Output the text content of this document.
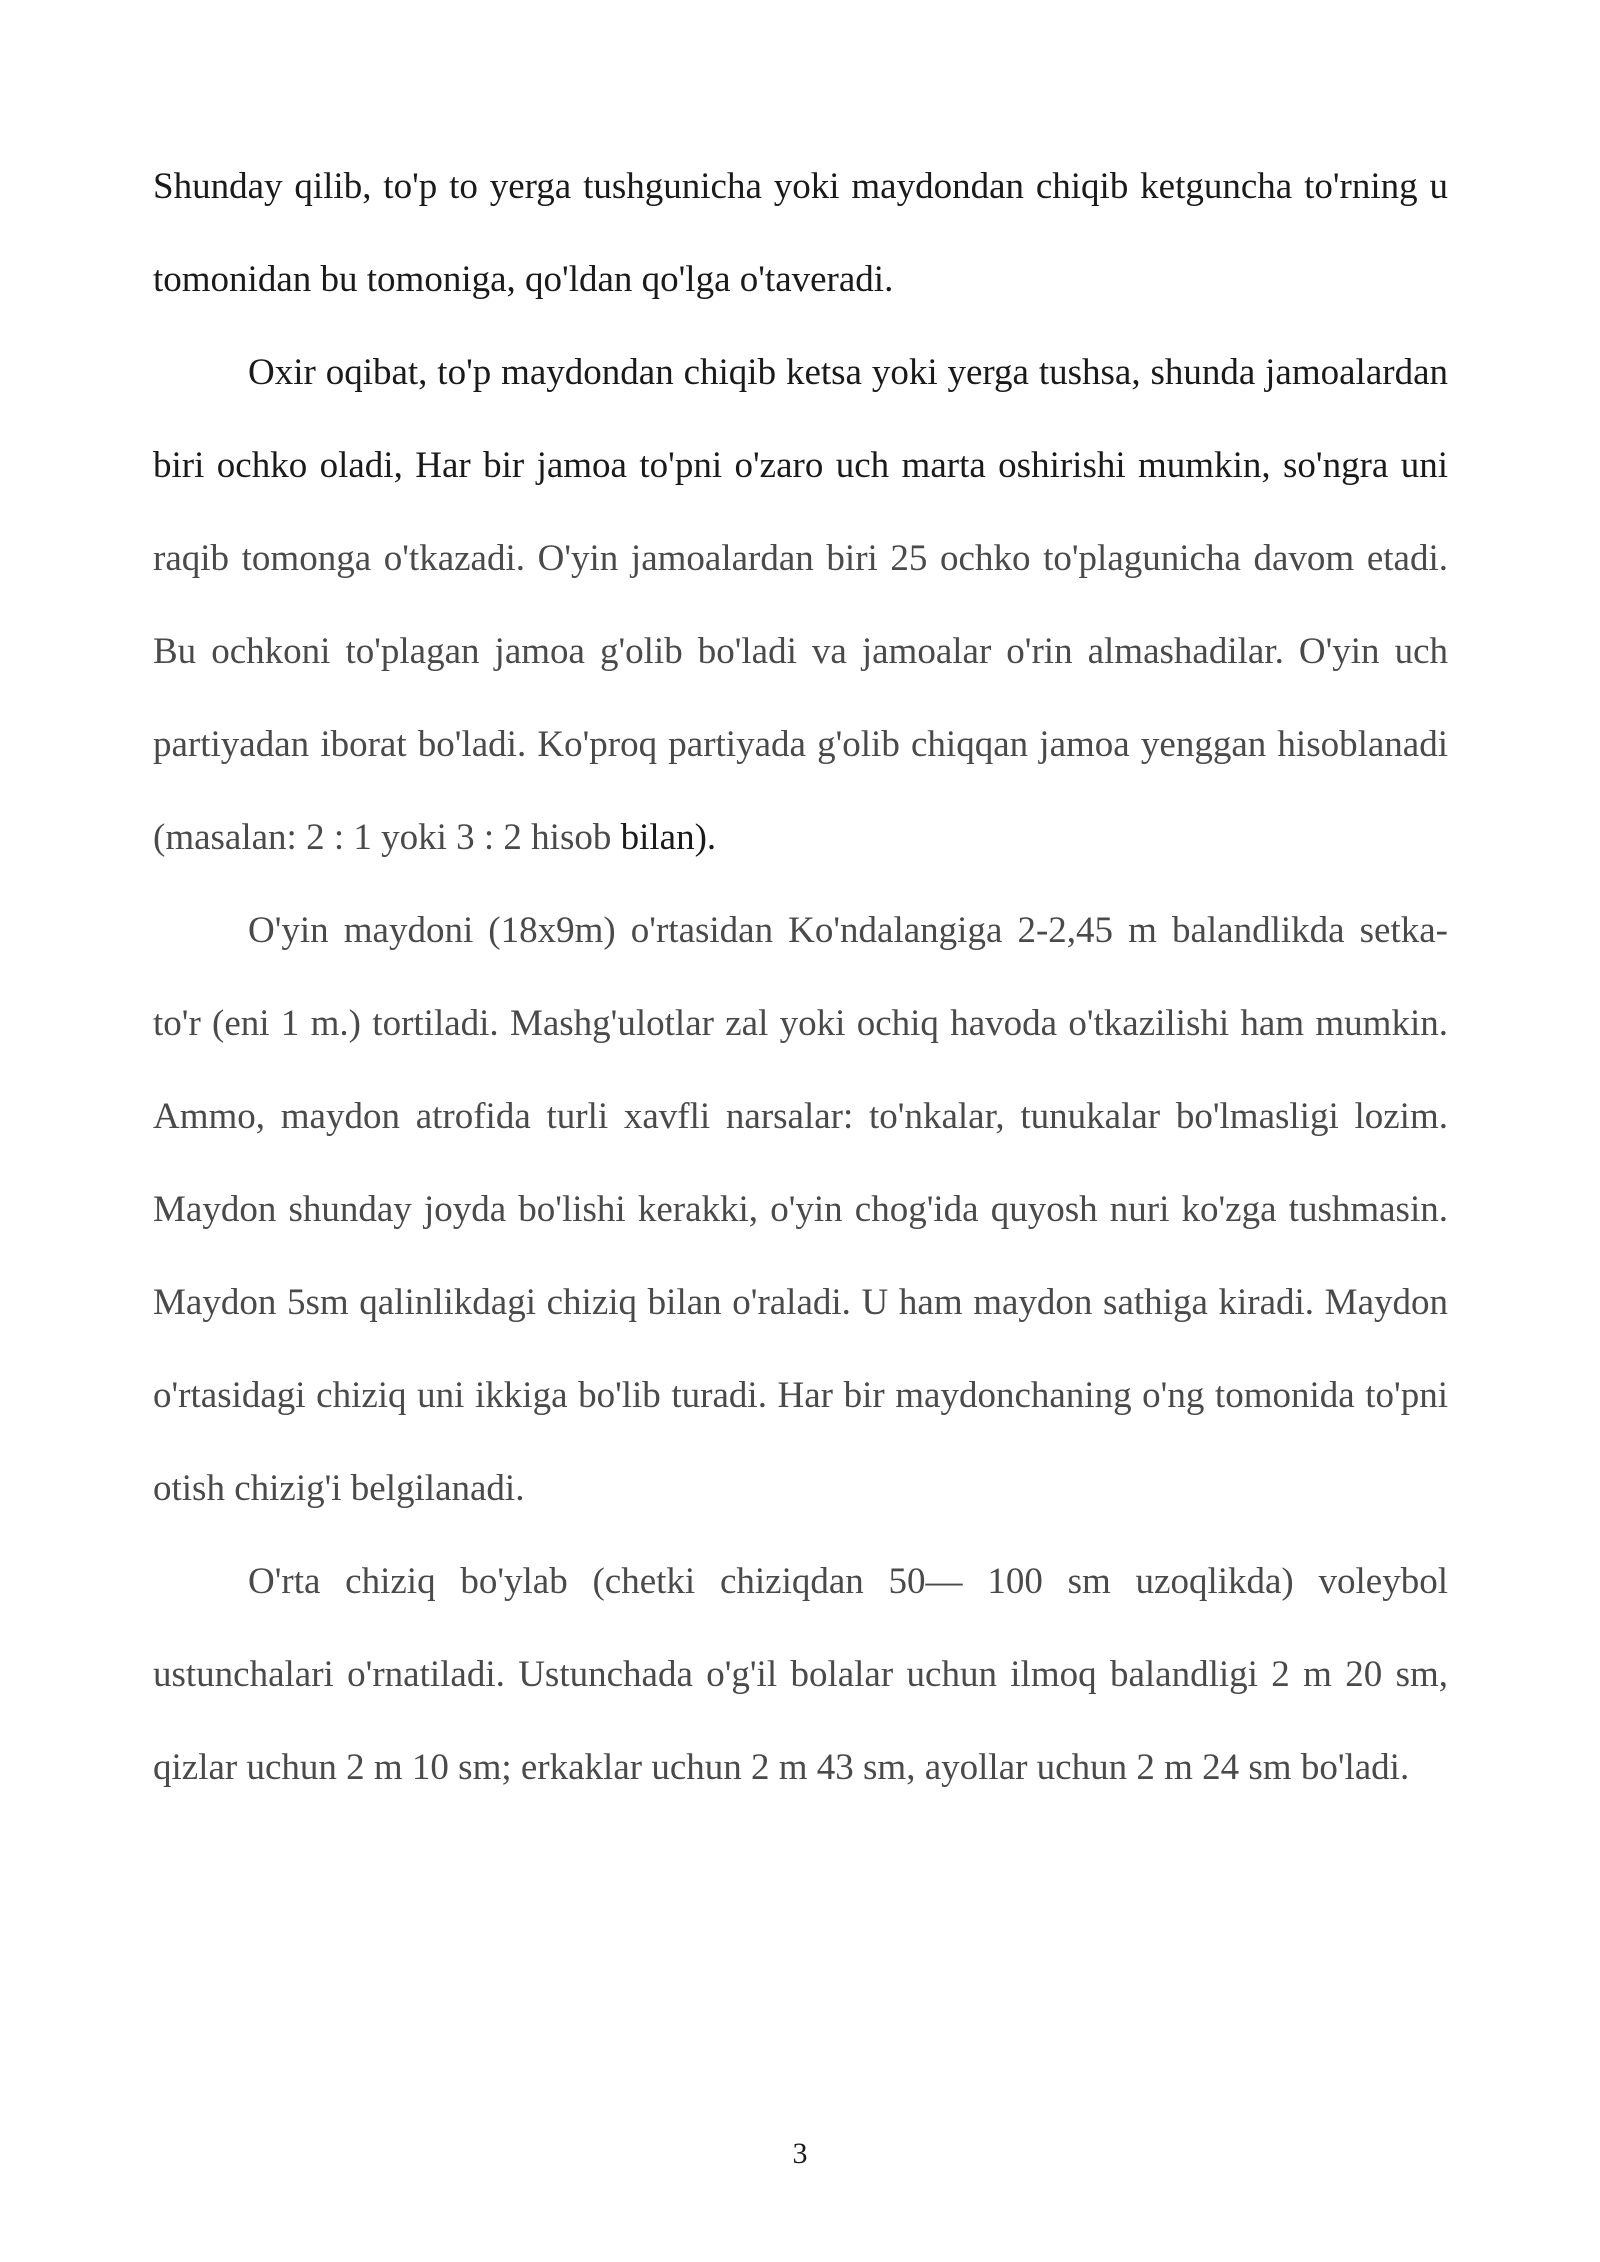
Shunday qilib, to'p to yerga tushgunicha yoki maydondan chiqib ketguncha to'rning u tomonidan bu tomoniga, qo'ldan qo'lga o'taveradi.

Oxir oqibat, to'p maydondan chiqib ketsa yoki yerga tushsa, shunda jamoalardan biri ochko oladi, Har bir jamoa to'pni o'zaro uch marta oshirishi mumkin, so'ngra uni raqib tomonga o'tkazadi. O'yin jamoalardan biri 25 ochko to'plagunicha davom etadi. Bu ochkoni to'plagan jamoa g'olib bo'ladi va jamoalar o'rin almashadilar. O'yin uch partiyadan iborat bo'ladi. Ko'proq partiyada g'olib chiqqan jamoa yenggan hisoblanadi (masalan: 2 : 1 yoki 3 : 2 hisob bilan).

O'yin maydoni (18x9m) o'rtasidan Ko'ndalangiga 2-2,45 m balandlikda setka-to'r (eni 1 m.) tortiladi. Mashg'ulotlar zal yoki ochiq havoda o'tkazilishi ham mumkin. Ammo, maydon atrofida turli xavfli narsalar: to'nkalar, tunukalar bo'lmasligi lozim. Maydon shunday joyda bo'lishi kerakki, o'yin chog'ida quyosh nuri ko'zga tushmasin. Maydon 5sm qalinlikdagi chiziq bilan o'raladi. U ham maydon sathiga kiradi. Maydon o'rtasidagi chiziq uni ikkiga bo'lib turadi. Har bir maydonchaning o'ng tomonida to'pni otish chizig'i belgilanadi.

O'rta chiziq bo'ylab (chetki chiziqdan 50— 100 sm uzoqlikda) voleybol ustunchalari o'rnatiladi. Ustunchada o'g'il bolalar uchun ilmoq balandligi 2 m 20 sm, qizlar uchun 2 m 10 sm; erkaklar uchun 2 m 43 sm, ayollar uchun 2 m 24 sm bo'ladi.

3
